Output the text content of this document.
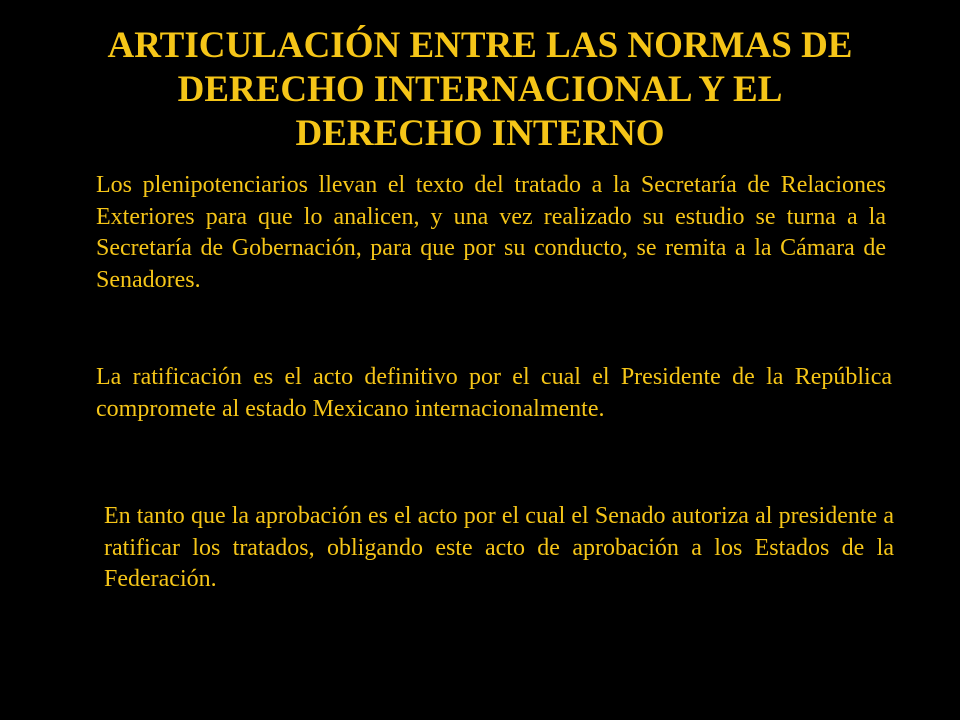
ARTICULACIÓN ENTRE LAS NORMAS DE
DERECHO INTERNACIONAL Y EL
DERECHO INTERNO

Los plenipotenciarios llevan el texto del tratado a la Secretaría de Relaciones Exteriores para que lo analicen, y una vez realizado su estudio se turna a la Secretaría de Gobernación, para que por su conducto, se remita a la Cámara de Senadores.

La ratificación es el acto definitivo por el cual el Presidente de la República compromete al estado Mexicano internacionalmente.

En tanto que la aprobación es el acto por el cual el Senado autoriza al presidente a ratificar los tratados, obligando este acto de aprobación a los Estados de la Federación.
